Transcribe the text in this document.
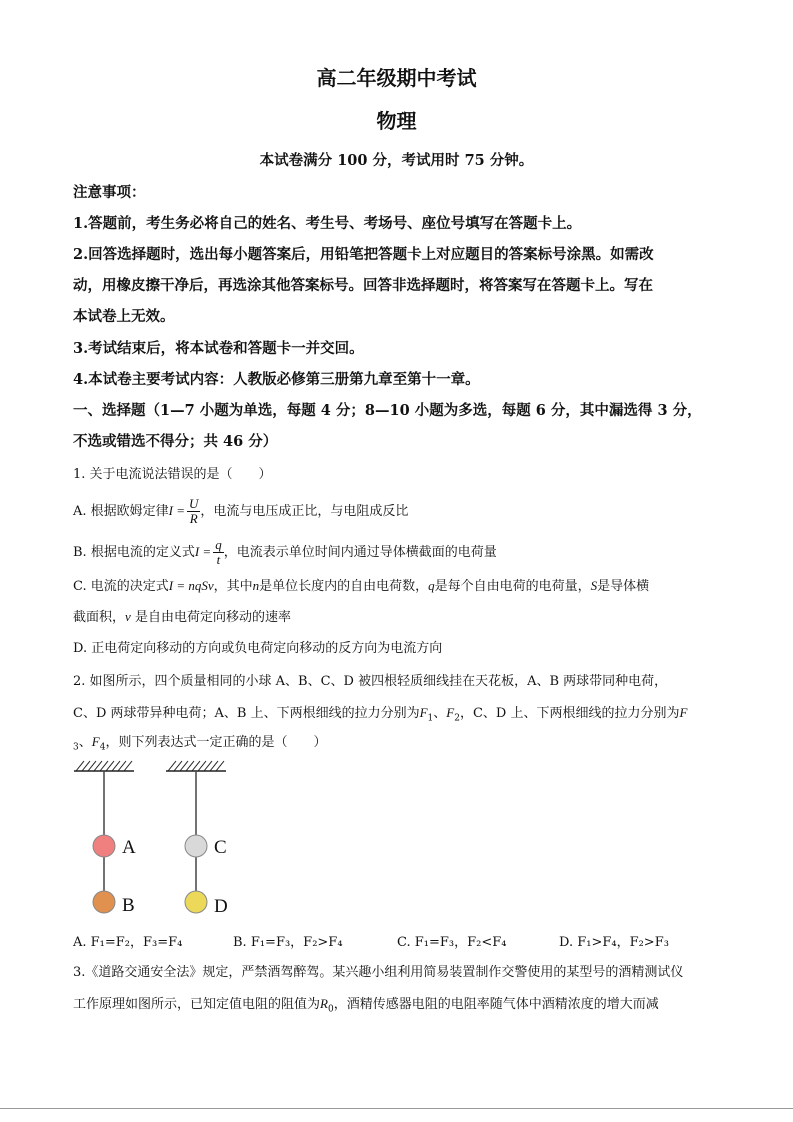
高二年级期中考试
物理
本试卷满分 100 分，考试用时 75 分钟。
注意事项：
1.答题前，考生务必将自己的姓名、考生号、考场号、座位号填写在答题卡上。
2.回答选择题时，选出每小题答案后，用铅笔把答题卡上对应题目的答案标号涂黑。如需改
动，用橡皮擦干净后，再选涂其他答案标号。回答非选择题时，将答案写在答题卡上。写在
本试卷上无效。
3.考试结束后，将本试卷和答题卡一并交回。
4.本试卷主要考试内容：人教版必修第三册第九章至第十一章。
一、选择题（1—7 小题为单选，每题 4 分；8—10 小题为多选，每题 6 分，其中漏选得 3 分，
不选或错选不得分；共 46 分）
1. 关于电流说法错误的是（　　）
A. 根据欧姆定律$I = \frac{U}{R}$ ，电流与电压成正比，与电阻成反比
B. 根据电流的定义式$I = \frac{q}{t}$ ，电流表示单位时间内通过导体横截面的电荷量
C. 电流的决定式I = nqSv，其中n是单位长度内的自由电荷数，q是每个自由电荷的电荷量，S是导体横
截面积，v 是自由电荷定向移动的速率
D. 正电荷定向移动的方向或负电荷定向移动的反方向为电流方向
2. 如图所示，四个质量相同的小球 A、B、C、D 被四根轻质细线挂在天花板，A、B 两球带同种电荷，
C、D 两球带异种电荷；A、B 上、下两根细线的拉力分别为$F_1$、$F_2$，C、D 上、下两根细线的拉力分别为F
$_3$、$F_4$，则下列表达式一定正确的是（　　）
A
B
C
D
A. F₁=F₂，F₃=F₄	B. F₁=F₃，F₂>F₄	C. F₁=F₃，F₂<F₄	D. F₁>F₄，F₂>F₃
3.《道路交通安全法》规定，严禁酒驾醉驾。某兴趣小组利用简易装置制作交警使用的某型号的酒精测试仪
工作原理如图所示，已知定值电阻的阻值为$R_0$，酒精传感器电阻的电阻率随气体中酒精浓度的增大而减
